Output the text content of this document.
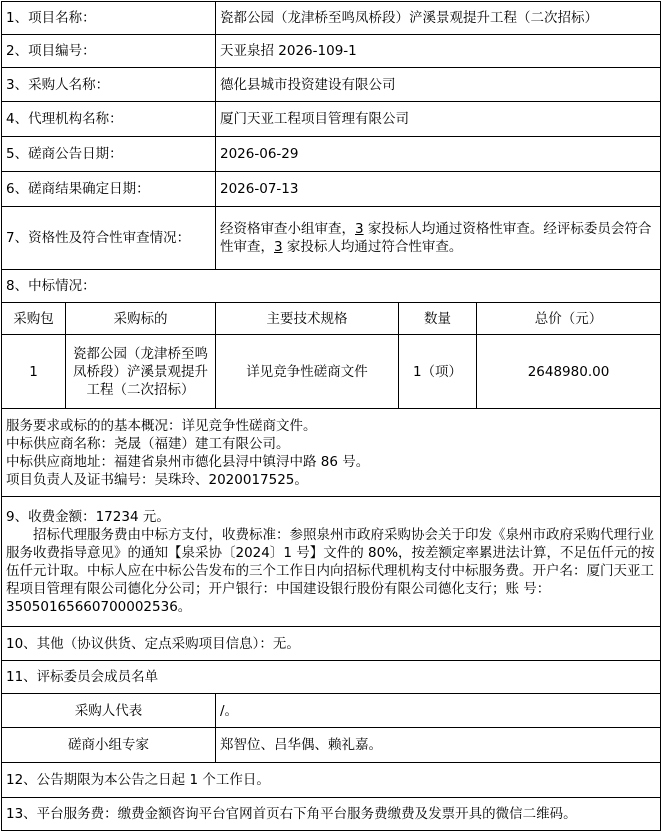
1、项目名称：		瓷都公园（龙津桥至鸣凤桥段）浐溪景观提升工程（二次招标）		
2、项目编号：		天亚泉招 2026-109-1		
3、采购人名称：		德化县城市投资建设有限公司		
4、代理机构名称：		厦门天亚工程项目管理有限公司		
5、磋商公告日期：		2026-06-29		
6、磋商结果确定日期：		2026-07-13		
7、资格性及符合性审查情况：		经资格审查小组审查，3 家投标人均通过资格性审查。经评标委员会符合性审查，3 家投标人均通过符合性审查。		
8、中标情况：				
采购包	采购标的	主要技术规格	数量	总价（元）
1	瓷都公园（龙津桥至鸣凤桥段）浐溪景观提升工程（二次招标）	详见竞争性磋商文件	1（项）	2648980.00

服务要求或标的的基本概况：详见竞争性磋商文件。

中标供应商名称：尧晟（福建）建工有限公司。

中标供应商地址：福建省泉州市德化县浔中镇浔中路 86 号。

项目负责人及证书编号：吴珠玲、2020017525。				

9、收费金额：17234 元。

招标代理服务费由中标方支付，收费标准：参照泉州市政府采购协会关于印发《泉州市政府采购代理行业服务收费指导意见》的通知【泉采协〔2024〕1 号】文件的 80%，按差额定率累进法计算，不足伍仟元的按伍仟元计取。中标人应在中标公告发布的三个工作日内向招标代理机构支付中标服务费。开户名：厦门天亚工程项目管理有限公司德化分公司；开户银行：中国建设银行股份有限公司德化支行；账 号：35050165660700002536。				

10、其他（协议供货、定点采购项目信息）：无。				
11、评标委员会成员名单				
采购人代表		/。		
磋商小组专家		郑智位、吕华偶、赖礼嘉。		
12、公告期限为本公告之日起 1 个工作日。				
13、平台服务费：缴费金额咨询平台官网首页右下角平台服务费缴费及发票开具的微信二维码。				
